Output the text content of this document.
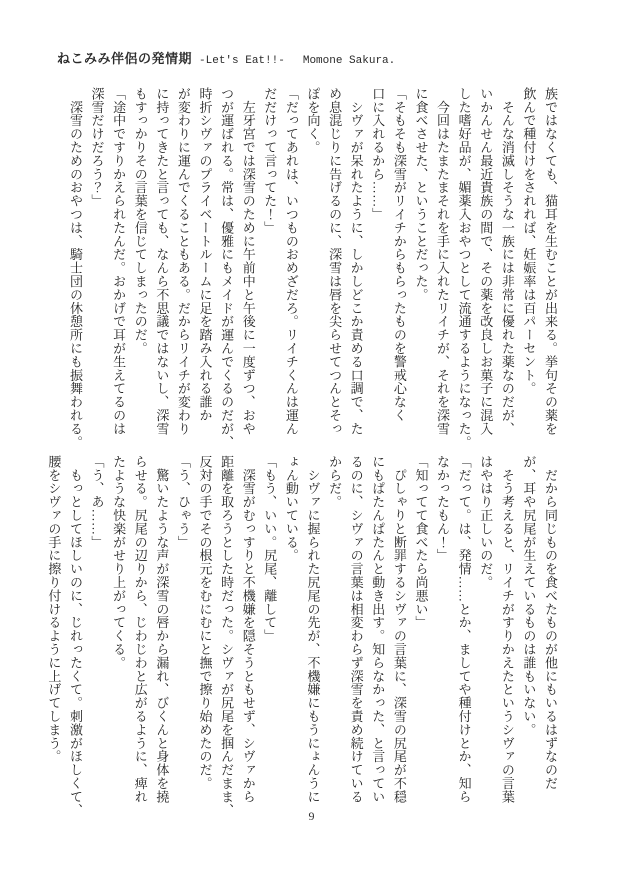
ねこみみ伴侶の発情期 -Let's Eat!!- Momone Sakura.
族ではなくても、猫耳を生むことが出来る。挙句その薬を
飲んで種付けをされれば、妊娠率は百パーセント。
　そんな消滅しそうな一族には非常に優れた薬なのだが、
いかんせん最近貴族の間で、その薬を改良しお菓子に混入
した嗜好品が、媚薬入おやつとして流通するようになった。
　今回はたまたまそれを手に入れたリイチが、それを深雪
に食べさせた、ということだった。
「そもそも深雪がリイチからもらったものを警戒心なく
口に入れるから……」
　シヴァが呆れたように、しかしどこか責める口調で、た
め息混じりに告げるのに、深雪は唇を尖らせてつんとそっ
ぽを向く。
「だってあれは、いつものおめざだろ。リイチくんは運ん
だだけって言ってた！」
　左牙宮では深雪のために午前中と午後に一度ずつ、おや
つが運ばれる。常は、優雅にもメイドが運んでくるのだが、
時折シヴァのプライベートルームに足を踏み入れる誰か
が変わりに運んでくることもある。だからリイチが変わり
に持ってきたと言っても、なんら不思議ではないし、深雪
もすっかりその言葉を信じてしまったのだ。
「途中ですりかえられたんだ。おかげで耳が生えてるのは
深雪だけだろう？」
　深雪のためのおやつは、騎士団の休憩所にも振舞われる。
　だから同じものを食べたものが他にもいるはずなのだ
が、耳や尻尾が生えているものは誰もいない。
　そう考えると、リイチがすりかえたというシヴァの言葉
はやはり正しいのだ。
「だって。は、発情……とか、ましてや種付けとか、知ら
なかったもん！」
「知ってて食べたら尚悪い」
　ぴしゃりと断罪するシヴァの言葉に、深雪の尻尾が不穏
にもぱたんぱたんと動き出す。知らなかった、と言ってい
るのに、シヴァの言葉は相変わらず深雪を責め続けている
からだ。
　シヴァに握られた尻尾の先が、不機嫌にもうにょんうに
ょん動いている。
「もう、いい。尻尾、離して」
　深雪がむっすりと不機嫌を隠そうともせず、シヴァから
距離を取ろうとした時だった。シヴァが尻尾を掴んだまま、
反対の手でその根元をむにむにと撫で擦り始めたのだ。
「う、ひゃう」
　驚いたような声が深雪の唇から漏れ、びくんと身体を撓
らせる。尻尾の辺りから、じわじわと広がるように、痺れ
たような快楽がせり上がってくる。
「う、あ……」
　もっとしてほしいのに、じれったくて。刺激がほしくて、
腰をシヴァの手に擦り付けるように上げてしまう。
9
